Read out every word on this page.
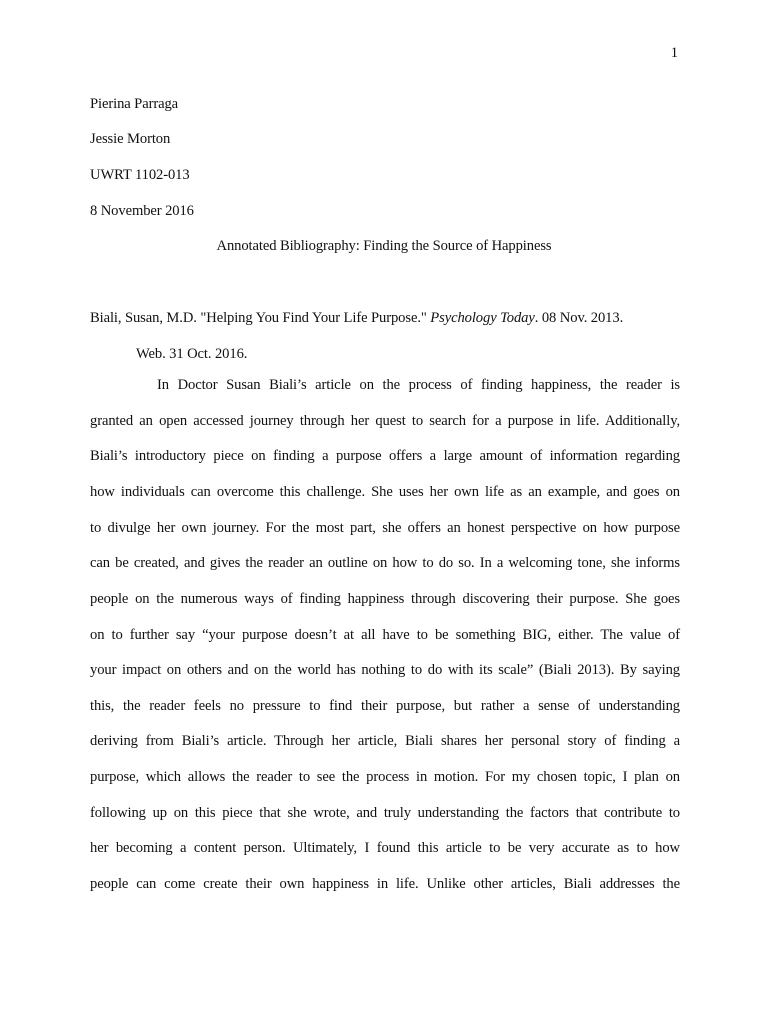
1
Pierina Parraga
Jessie Morton
UWRT 1102-013
8 November 2016
Annotated Bibliography: Finding the Source of Happiness
Biali, Susan, M.D. "Helping You Find Your Life Purpose." Psychology Today. 08 Nov. 2013.
Web. 31 Oct. 2016.
In Doctor Susan Biali’s article on the process of finding happiness, the reader is
granted an open accessed journey through her quest to search for a purpose in life. Additionally,
Biali’s introductory piece on finding a purpose offers a large amount of information regarding
how individuals can overcome this challenge. She uses her own life as an example, and goes on
to divulge her own journey. For the most part, she offers an honest perspective on how purpose
can be created, and gives the reader an outline on how to do so. In a welcoming tone, she informs
people on the numerous ways of finding happiness through discovering their purpose. She goes
on to further say “your purpose doesn’t at all have to be something BIG, either. The value of
your impact on others and on the world has nothing to do with its scale” (Biali 2013). By saying
this, the reader feels no pressure to find their purpose, but rather a sense of understanding
deriving from Biali’s article. Through her article, Biali shares her personal story of finding a
purpose, which allows the reader to see the process in motion. For my chosen topic, I plan on
following up on this piece that she wrote, and truly understanding the factors that contribute to
her becoming a content person. Ultimately, I found this article to be very accurate as to how
people can come create their own happiness in life. Unlike other articles, Biali addresses the
